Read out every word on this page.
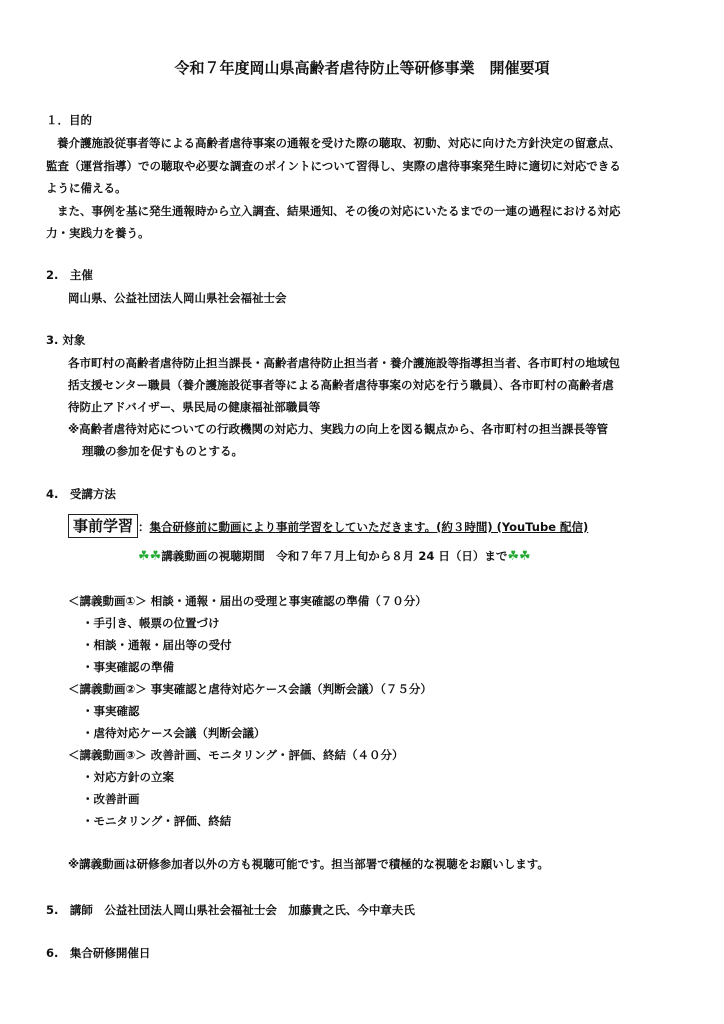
令和７年度岡山県高齢者虐待防止等研修事業　開催要項
１．目的
養介護施設従事者等による高齢者虐待事案の通報を受けた際の聴取、初動、対応に向けた方針決定の留意点、
監査（運営指導）での聴取や必要な調査のポイントについて習得し、実際の虐待事案発生時に適切に対応できる
ように備える。
また、事例を基に発生通報時から立入調査、結果通知、その後の対応にいたるまでの一連の過程における対応
力・実践力を養う。
2.　主催
岡山県、公益社団法人岡山県社会福祉士会
3. 対象
各市町村の高齢者虐待防止担当課長・高齢者虐待防止担当者・養介護施設等指導担当者、各市町村の地域包
括支援センター職員（養介護施設従事者等による高齢者虐待事案の対応を行う職員）、各市町村の高齢者虐
待防止アドバイザー、県民局の健康福祉部職員等
※高齢者虐待対応についての行政機関の対応力、実践力の向上を図る観点から、各市町村の担当課長等管
理職の参加を促すものとする。
4.　受講方法
事前学習 ：集合研修前に動画により事前学習をしていただきます。(約３時間) (YouTube 配信)
☘☘講義動画の視聴期間　令和７年７月上旬から８月 24 日（日）まで☘☘
＜講義動画①＞ 相談・通報・届出の受理と事実確認の準備（７０分）
・手引き、帳票の位置づけ
・相談・通報・届出等の受付
・事実確認の準備
＜講義動画②＞ 事実確認と虐待対応ケース会議（判断会議）（７５分）
・事実確認
・虐待対応ケース会議（判断会議）
＜講義動画③＞ 改善計画、モニタリング・評価、終結（４０分）
・対応方針の立案
・改善計画
・モニタリング・評価、終結
※講義動画は研修参加者以外の方も視聴可能です。担当部署で積極的な視聴をお願いします。
5.　講師　公益社団法人岡山県社会福祉士会　加藤貴之氏、今中章夫氏
6.　集合研修開催日
